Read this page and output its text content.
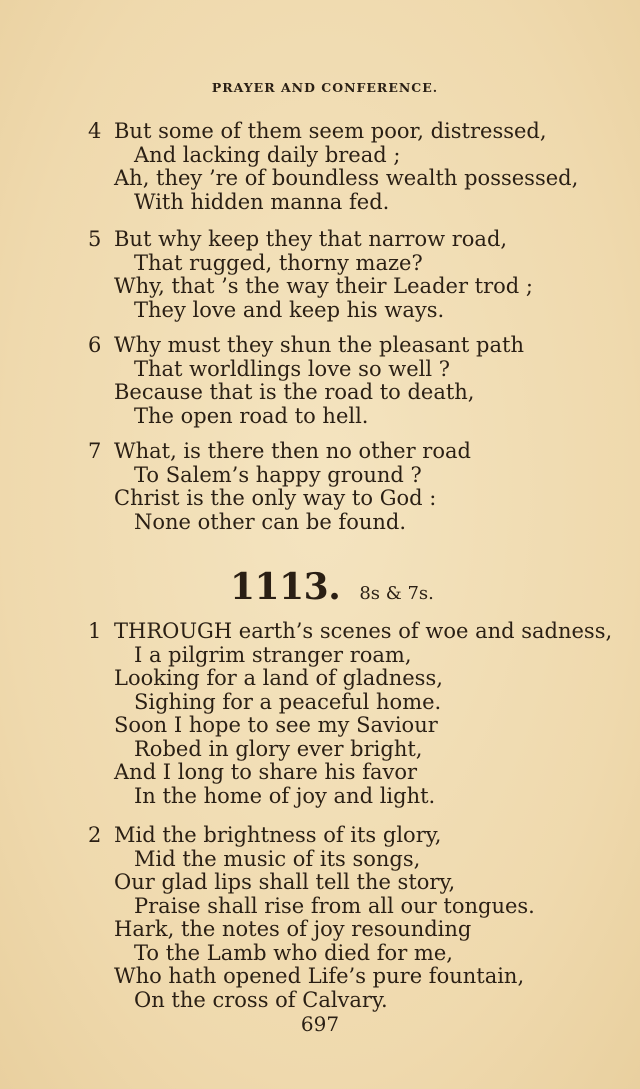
PRAYER AND CONFERENCE.
4 But some of them seem poor, distressed,
And lacking daily bread ;
Ah, they ’re of boundless wealth possessed,
With hidden manna fed.
5 But why keep they that narrow road,
That rugged, thorny maze?
Why, that ’s the way their Leader trod ;
They love and keep his ways.
6 Why must they shun the pleasant path
That worldlings love so well ?
Because that is the road to death,
The open road to hell.
7 What, is there then no other road
To Salem’s happy ground ?
Christ is the only way to God :
None other can be found.
1113. 8s & 7s.
1 THROUGH earth’s scenes of woe and sadness,
I a pilgrim stranger roam,
Looking for a land of gladness,
Sighing for a peaceful home.
Soon I hope to see my Saviour
Robed in glory ever bright,
And I long to share his favor
In the home of joy and light.
2 Mid the brightness of its glory,
Mid the music of its songs,
Our glad lips shall tell the story,
Praise shall rise from all our tongues.
Hark, the notes of joy resounding
To the Lamb who died for me,
Who hath opened Life’s pure fountain,
On the cross of Calvary.
697
